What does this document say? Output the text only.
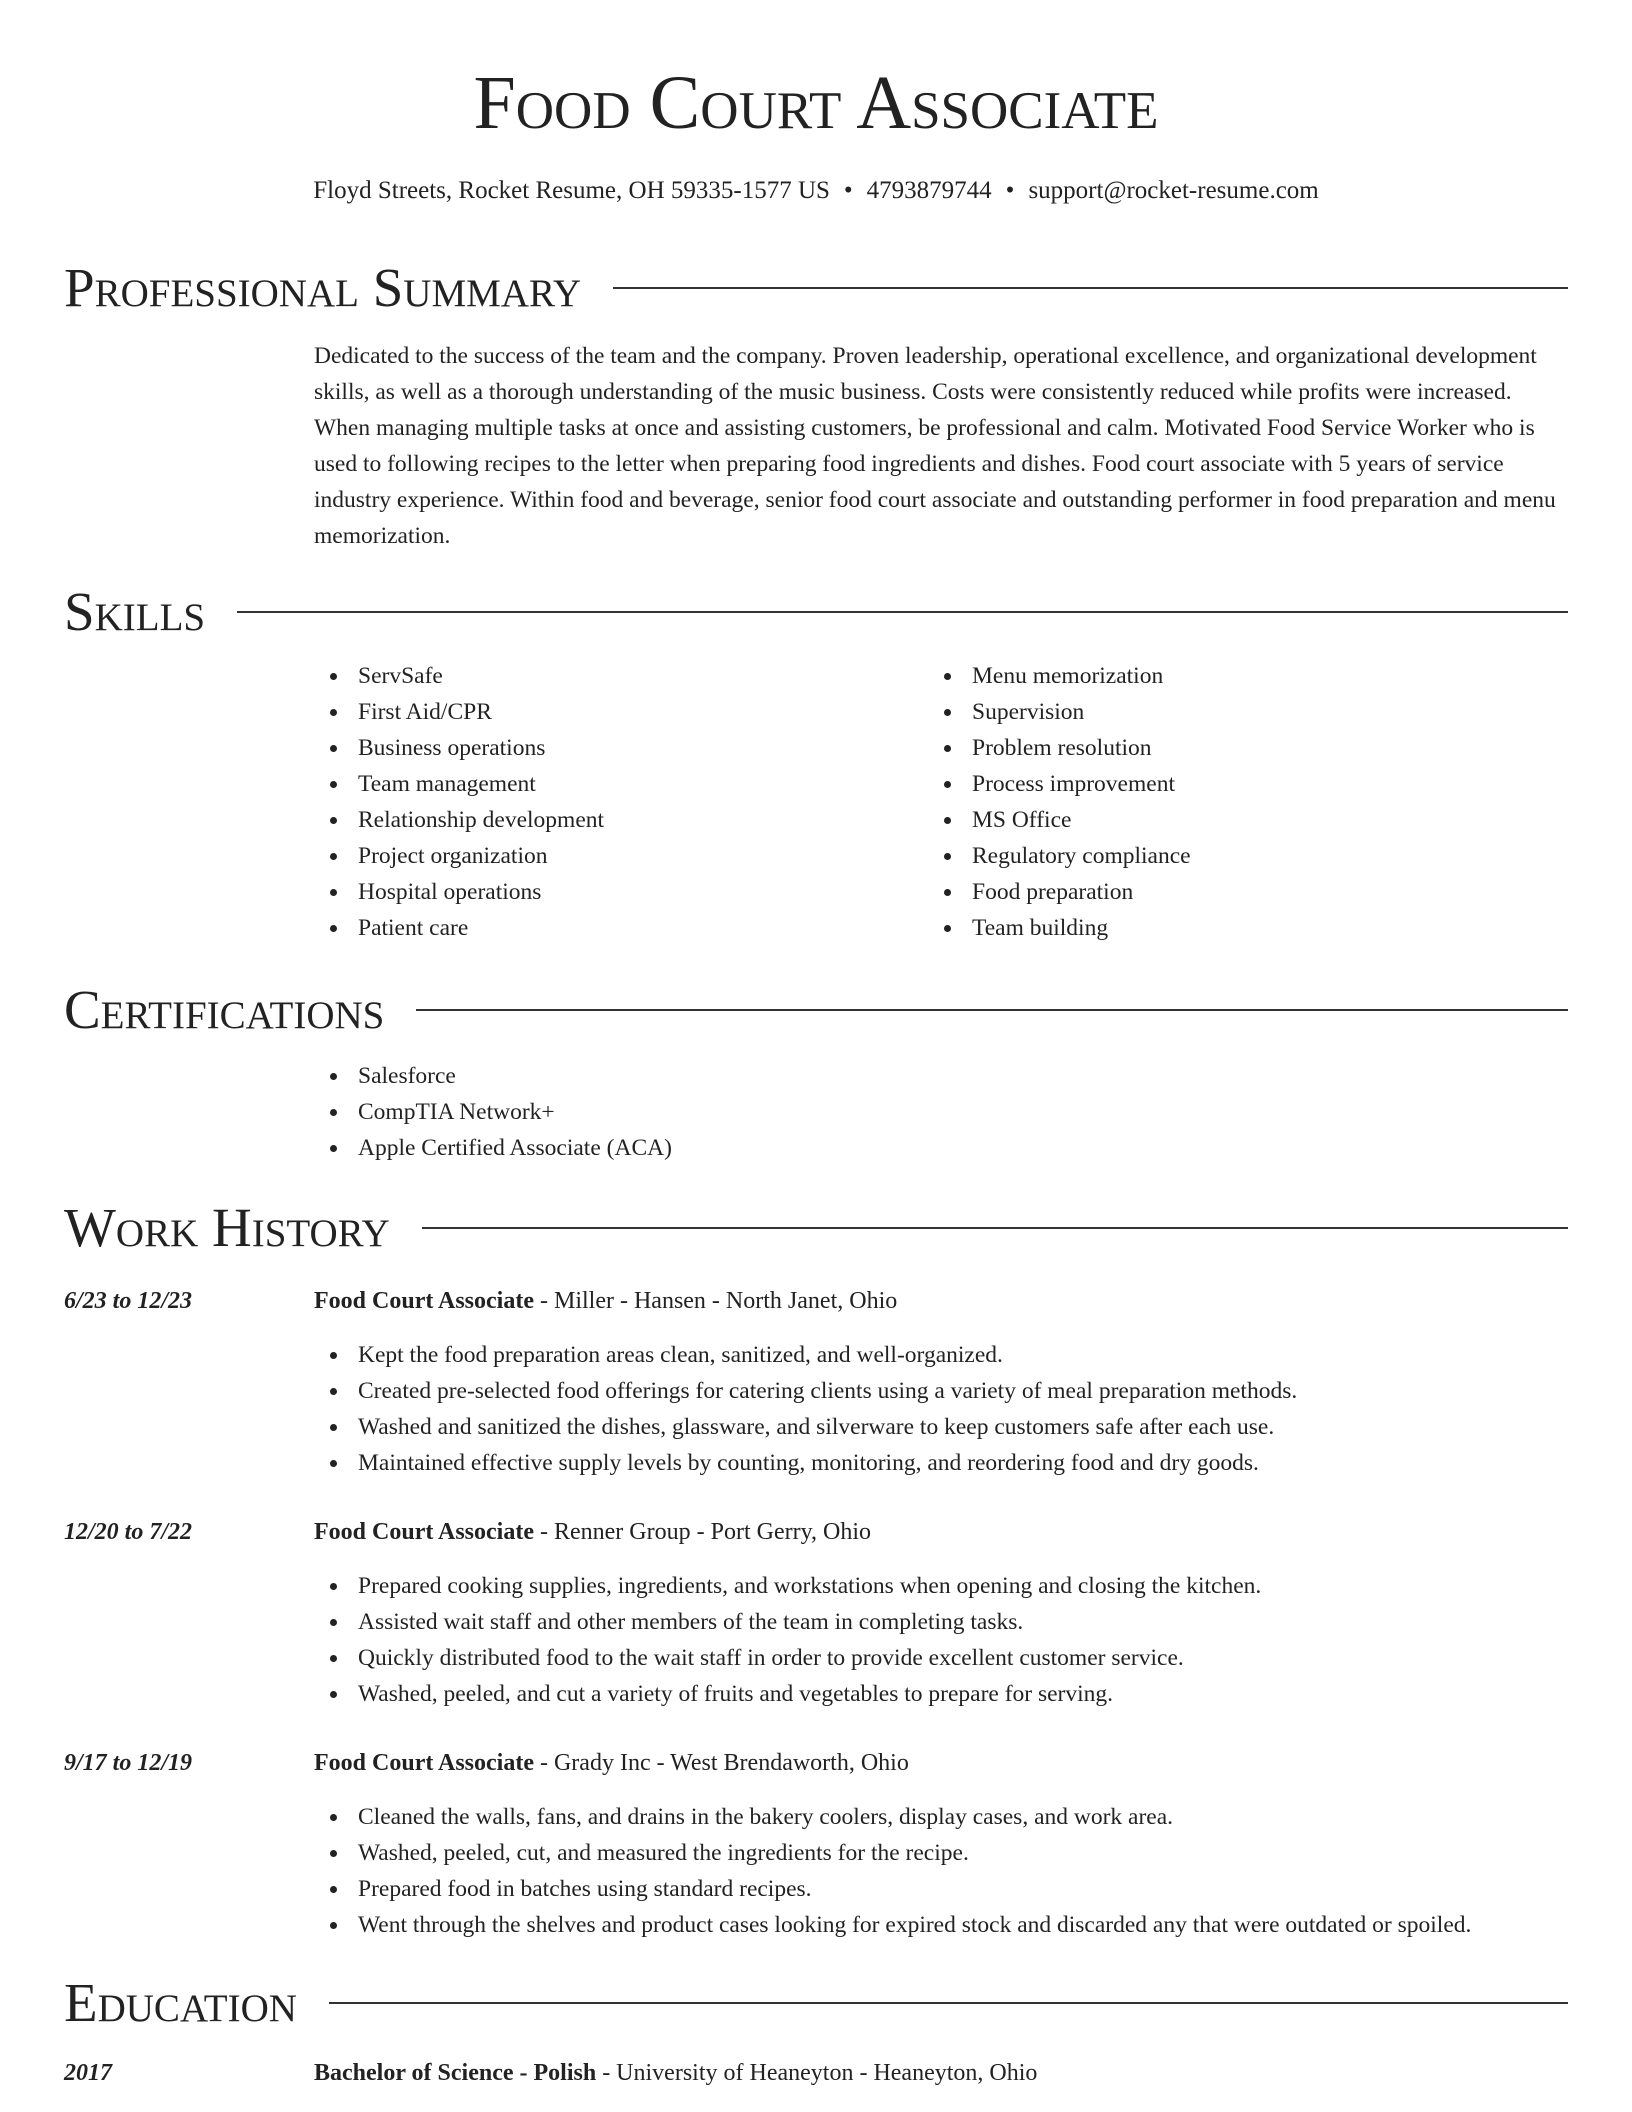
Food Court Associate
Floyd Streets, Rocket Resume, OH 59335-1577 US • 4793879744 • support@rocket-resume.com
Professional Summary
Dedicated to the success of the team and the company. Proven leadership, operational excellence, and organizational development skills, as well as a thorough understanding of the music business. Costs were consistently reduced while profits were increased. When managing multiple tasks at once and assisting customers, be professional and calm. Motivated Food Service Worker who is used to following recipes to the letter when preparing food ingredients and dishes. Food court associate with 5 years of service industry experience. Within food and beverage, senior food court associate and outstanding performer in food preparation and menu memorization.
Skills
ServSafe
First Aid/CPR
Business operations
Team management
Relationship development
Project organization
Hospital operations
Patient care
Menu memorization
Supervision
Problem resolution
Process improvement
MS Office
Regulatory compliance
Food preparation
Team building
Certifications
Salesforce
CompTIA Network+
Apple Certified Associate (ACA)
Work History
6/23 to 12/23	Food Court Associate - Miller - Hansen - North Janet, Ohio
Kept the food preparation areas clean, sanitized, and well-organized.
Created pre-selected food offerings for catering clients using a variety of meal preparation methods.
Washed and sanitized the dishes, glassware, and silverware to keep customers safe after each use.
Maintained effective supply levels by counting, monitoring, and reordering food and dry goods.
12/20 to 7/22	Food Court Associate - Renner Group - Port Gerry, Ohio
Prepared cooking supplies, ingredients, and workstations when opening and closing the kitchen.
Assisted wait staff and other members of the team in completing tasks.
Quickly distributed food to the wait staff in order to provide excellent customer service.
Washed, peeled, and cut a variety of fruits and vegetables to prepare for serving.
9/17 to 12/19	Food Court Associate - Grady Inc - West Brendaworth, Ohio
Cleaned the walls, fans, and drains in the bakery coolers, display cases, and work area.
Washed, peeled, cut, and measured the ingredients for the recipe.
Prepared food in batches using standard recipes.
Went through the shelves and product cases looking for expired stock and discarded any that were outdated or spoiled.
Education
2017	Bachelor of Science - Polish - University of Heaneyton - Heaneyton, Ohio
